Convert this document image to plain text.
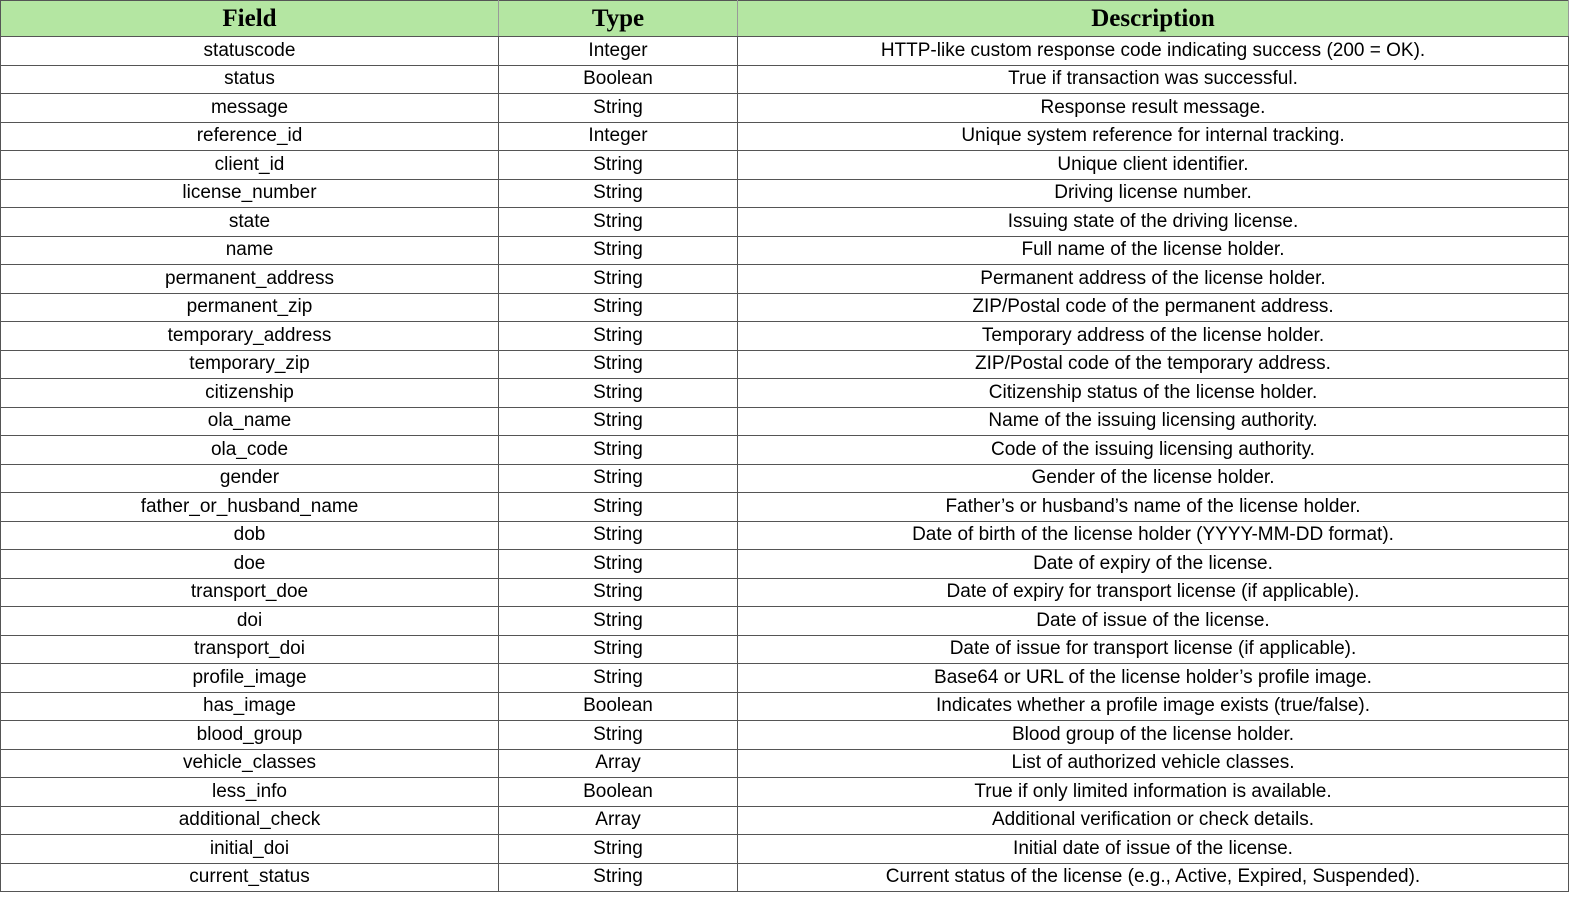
Field	Type	Description
statuscode	Integer	HTTP-like custom response code indicating success (200 = OK).
status	Boolean	True if transaction was successful.
message	String	Response result message.
reference_id	Integer	Unique system reference for internal tracking.
client_id	String	Unique client identifier.
license_number	String	Driving license number.
state	String	Issuing state of the driving license.
name	String	Full name of the license holder.
permanent_address	String	Permanent address of the license holder.
permanent_zip	String	ZIP/Postal code of the permanent address.
temporary_address	String	Temporary address of the license holder.
temporary_zip	String	ZIP/Postal code of the temporary address.
citizenship	String	Citizenship status of the license holder.
ola_name	String	Name of the issuing licensing authority.
ola_code	String	Code of the issuing licensing authority.
gender	String	Gender of the license holder.
father_or_husband_name	String	Father’s or husband’s name of the license holder.
dob	String	Date of birth of the license holder (YYYY-MM-DD format).
doe	String	Date of expiry of the license.
transport_doe	String	Date of expiry for transport license (if applicable).
doi	String	Date of issue of the license.
transport_doi	String	Date of issue for transport license (if applicable).
profile_image	String	Base64 or URL of the license holder’s profile image.
has_image	Boolean	Indicates whether a profile image exists (true/false).
blood_group	String	Blood group of the license holder.
vehicle_classes	Array	List of authorized vehicle classes.
less_info	Boolean	True if only limited information is available.
additional_check	Array	Additional verification or check details.
initial_doi	String	Initial date of issue of the license.
current_status	String	Current status of the license (e.g., Active, Expired, Suspended).
